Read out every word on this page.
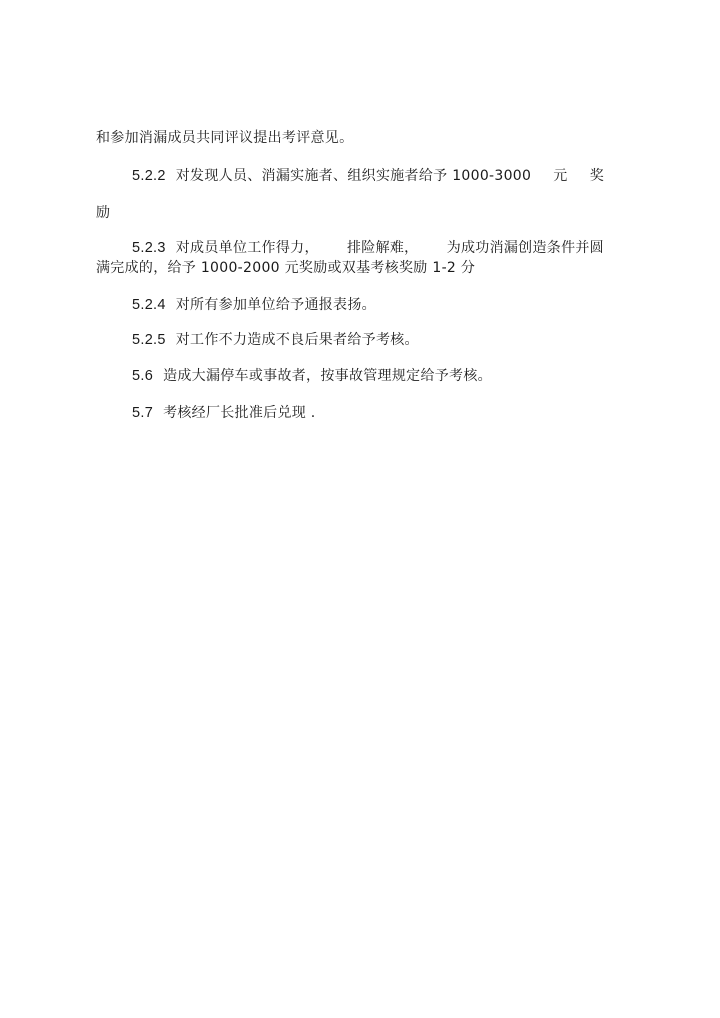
和参加消漏成员共同评议提出考评意见。
5.2.2 对发现人员、消漏实施者、组织实施者给予 1000-3000 元 奖
励
5.2.3 对成员单位工作得力， 排险解难， 为成功消漏创造条件并圆
满完成的，给予 1000-2000 元奖励或双基考核奖励 1-2 分
5.2.4 对所有参加单位给予通报表扬。
5.2.5 对工作不力造成不良后果者给予考核。
5.6 造成大漏停车或事故者，按事故管理规定给予考核。
5.7 考核经厂长批准后兑现 .
